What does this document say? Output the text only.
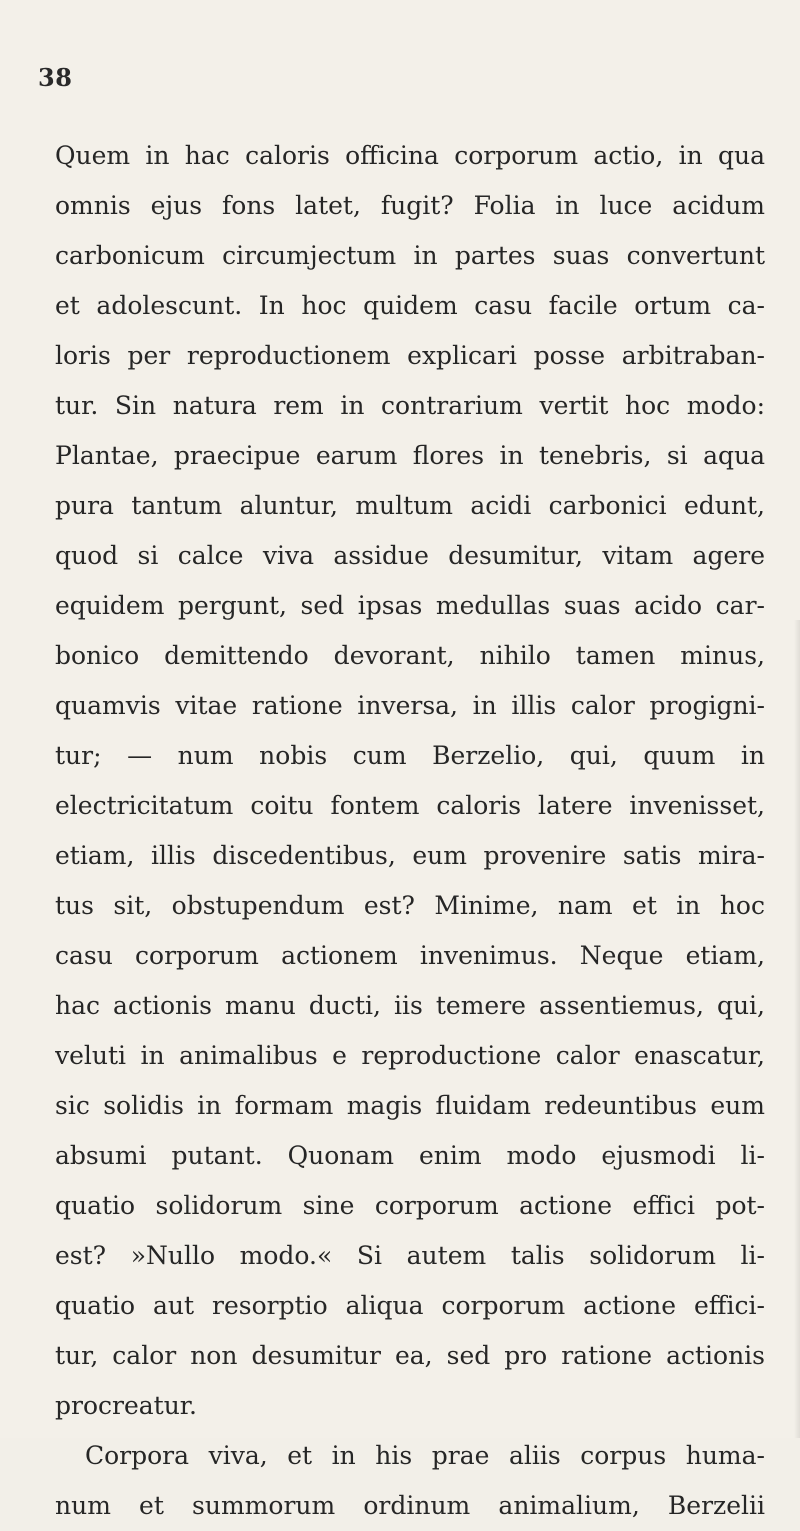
38
Quem in hac caloris officina corporum actio, in qua
omnis ejus fons latet, fugit? Folia in luce acidum
carbonicum circumjectum in partes suas convertunt
et adolescunt. In hoc quidem casu facile ortum ca-
loris per reproductionem explicari posse arbitraban-
tur. Sin natura rem in contrarium vertit hoc modo:
Plantae, praecipue earum flores in tenebris, si aqua
pura tantum aluntur, multum acidi carbonici edunt,
quod si calce viva assidue desumitur, vitam agere
equidem pergunt, sed ipsas medullas suas acido car-
bonico demittendo devorant, nihilo tamen minus,
quamvis vitae ratione inversa, in illis calor progigni-
tur; — num nobis cum Berzelio, qui, quum in
electricitatum coitu fontem caloris latere invenisset,
etiam, illis discedentibus, eum provenire satis mira-
tus sit, obstupendum est? Minime, nam et in hoc
casu corporum actionem invenimus. Neque etiam,
hac actionis manu ducti, iis temere assentiemus, qui,
veluti in animalibus e reproductione calor enascatur,
sic solidis in formam magis fluidam redeuntibus eum
absumi putant. Quonam enim modo ejusmodi li-
quatio solidorum sine corporum actione effici pot-
est? »Nullo modo.« Si autem talis solidorum li-
quatio aut resorptio aliqua corporum actione effici-
tur, calor non desumitur ea, sed pro ratione actionis
procreatur.
Corpora viva, et in his prae aliis corpus huma-
num et summorum ordinum animalium, Berzelii
